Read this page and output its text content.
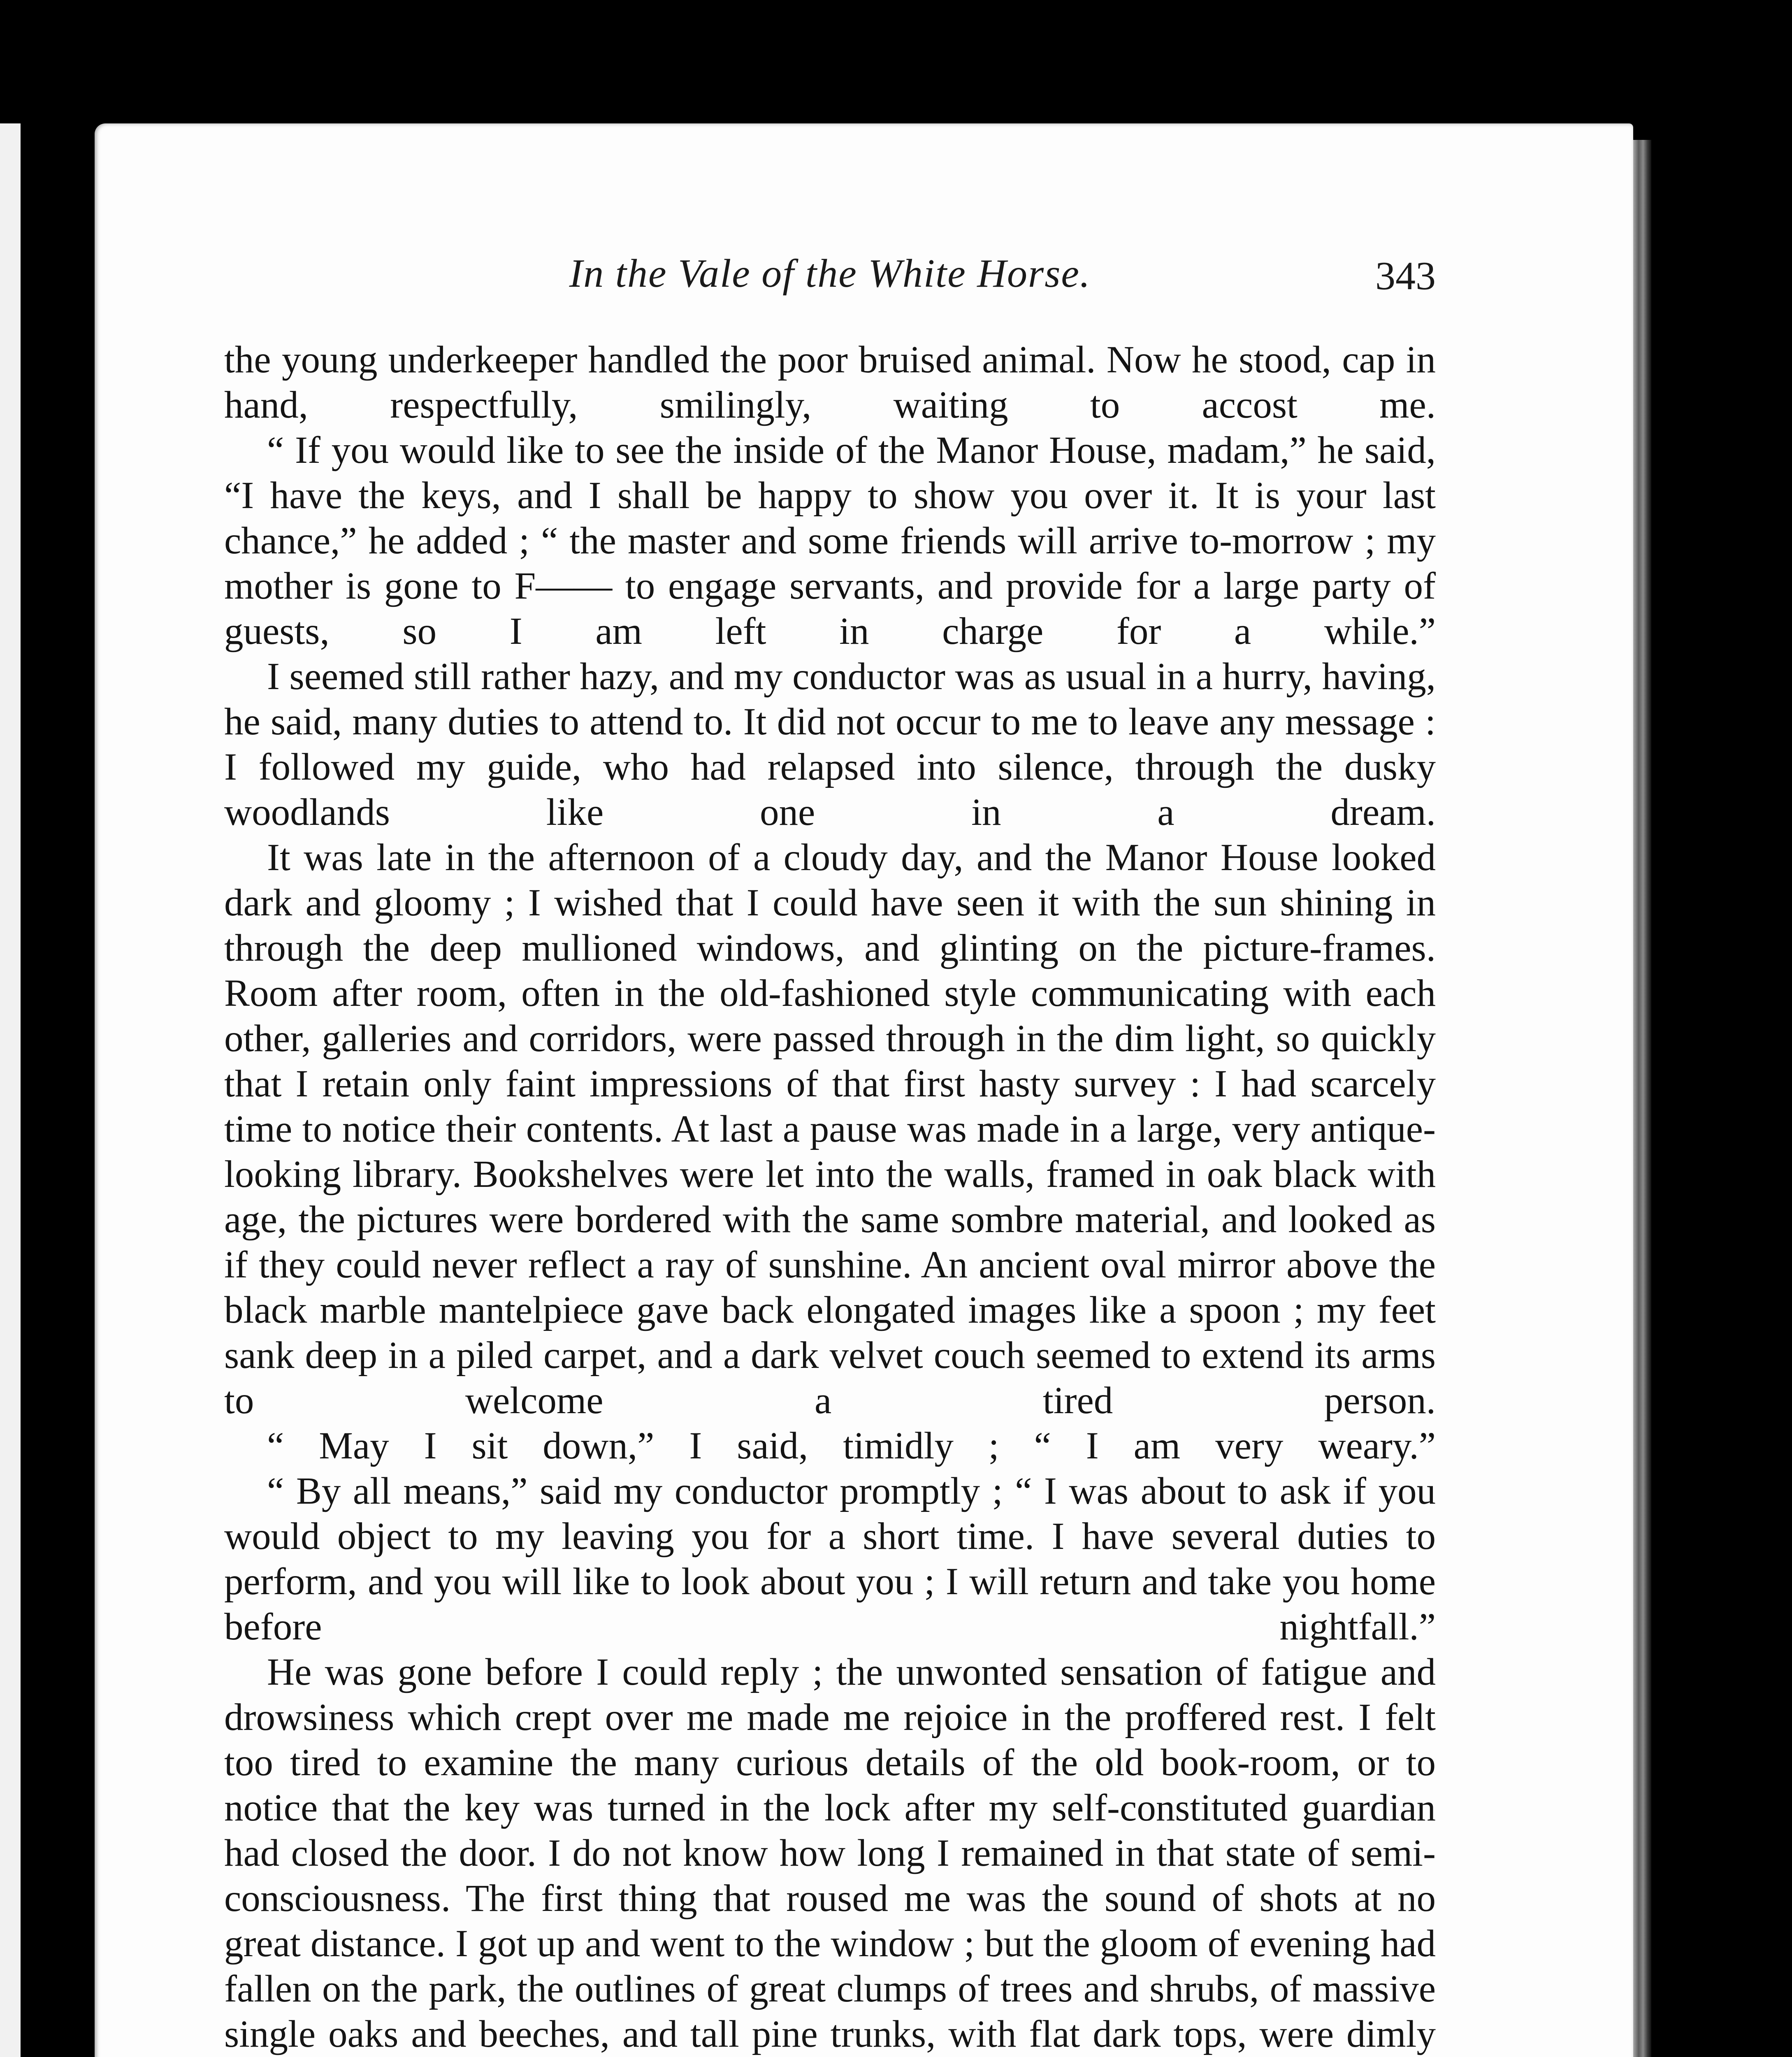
In the Vale of the White Horse.	343

the young underkeeper handled the poor bruised animal. Now he stood, cap in hand, respectfully, smilingly, waiting to accost me.

“ If you would like to see the inside of the Manor House, madam,” he said, “I have the keys, and I shall be happy to show you over it. It is your last chance,” he added ; “ the master and some friends will arrive to-morrow ; my mother is gone to F—— to engage servants, and provide for a large party of guests, so I am left in charge for a while.”

I seemed still rather hazy, and my conductor was as usual in a hurry, having, he said, many duties to attend to. It did not occur to me to leave any message : I followed my guide, who had relapsed into silence, through the dusky woodlands like one in a dream.

It was late in the afternoon of a cloudy day, and the Manor House looked dark and gloomy ; I wished that I could have seen it with the sun shining in through the deep mullioned windows, and glinting on the picture-frames. Room after room, often in the old-fashioned style communicating with each other, galleries and corridors, were passed through in the dim light, so quickly that I retain only faint impressions of that first hasty survey : I had scarcely time to notice their contents. At last a pause was made in a large, very antique-looking library. Bookshelves were let into the walls, framed in oak black with age, the pictures were bordered with the same sombre material, and looked as if they could never reflect a ray of sunshine. An ancient oval mirror above the black marble mantelpiece gave back elongated images like a spoon ; my feet sank deep in a piled carpet, and a dark velvet couch seemed to extend its arms to welcome a tired person.

“ May I sit down,” I said, timidly ; “ I am very weary.”

“ By all means,” said my conductor promptly ; “ I was about to ask if you would object to my leaving you for a short time. I have several duties to perform, and you will like to look about you ; I will return and take you home before nightfall.”

He was gone before I could reply ; the unwonted sensation of fatigue and drowsiness which crept over me made me rejoice in the proffered rest. I felt too tired to examine the many curious details of the old book-room, or to notice that the key was turned in the lock after my self-constituted guardian had closed the door. I do not know how long I remained in that state of semi-consciousness. The first thing that roused me was the sound of shots at no great distance. I got up and went to the window ; but the gloom of evening had fallen on the park, the outlines of great clumps of trees and shrubs, of massive single oaks and beeches, and tall pine trunks, with flat dark tops, were dimly
